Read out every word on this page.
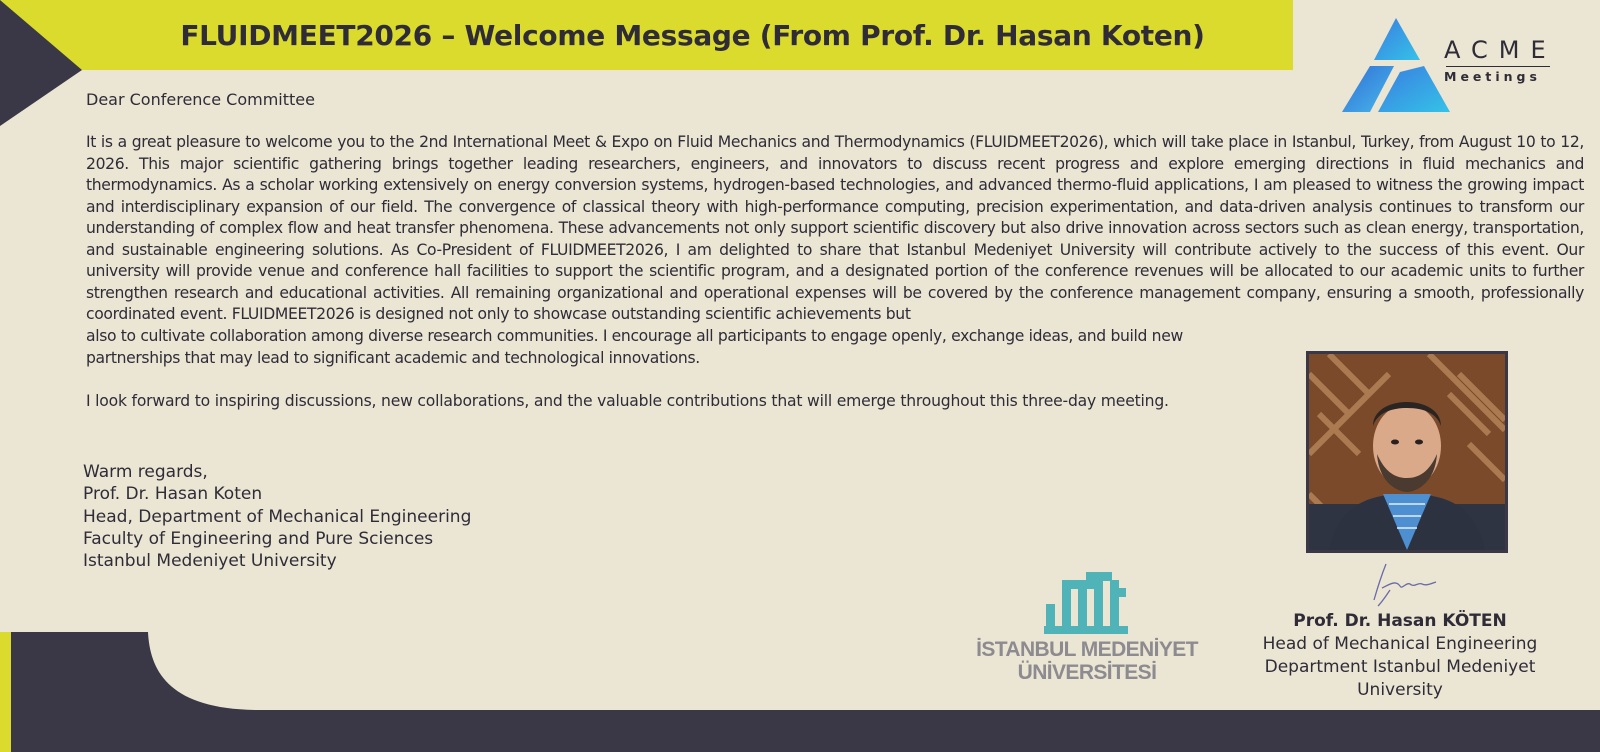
FLUIDMEET2026 – Welcome Message (From Prof. Dr. Hasan Koten)	ACME
Meetings
Dear Conference Committee
It is a great pleasure to welcome you to the 2nd International Meet & Expo on Fluid Mechanics and Thermodynamics (FLUIDMEET2026), which will take place in Istanbul, Turkey, from August 10 to 12, 2026. This major scientific gathering brings together leading researchers, engineers, and innovators to discuss recent progress and explore emerging directions in fluid mechanics and thermodynamics. As a scholar working extensively on energy conversion systems, hydrogen-based technologies, and advanced thermo-fluid applications, I am pleased to witness the growing impact and interdisciplinary expansion of our field. The convergence of classical theory with high-performance computing, precision experimentation, and data-driven analysis continues to transform our understanding of complex flow and heat transfer phenomena. These advancements not only support scientific discovery but also drive innovation across sectors such as clean energy, transportation, and sustainable engineering solutions. As Co-President of FLUIDMEET2026, I am delighted to share that Istanbul Medeniyet University will contribute actively to the success of this event. Our university will provide venue and conference hall facilities to support the scientific program, and a designated portion of the conference revenues will be allocated to our academic units to further strengthen research and educational activities. All remaining organizational and operational expenses will be covered by the conference management company, ensuring a smooth, professionally coordinated event. FLUIDMEET2026 is designed not only to showcase outstanding scientific achievements but
also to cultivate collaboration among diverse research communities. I encourage all participants to engage openly, exchange ideas, and build new
partnerships that may lead to significant academic and technological innovations.
I look forward to inspiring discussions, new collaborations, and the valuable contributions that will emerge throughout this three-day meeting.
Warm regards,
Prof. Dr. Hasan Koten
Head, Department of Mechanical Engineering
Faculty of Engineering and Pure Sciences
Istanbul Medeniyet University
Prof. Dr. Hasan KÖTEN
Head of Mechanical Engineering
Department Istanbul Medeniyet
University
İSTANBUL MEDENİYET
ÜNİVERSİTESİ
